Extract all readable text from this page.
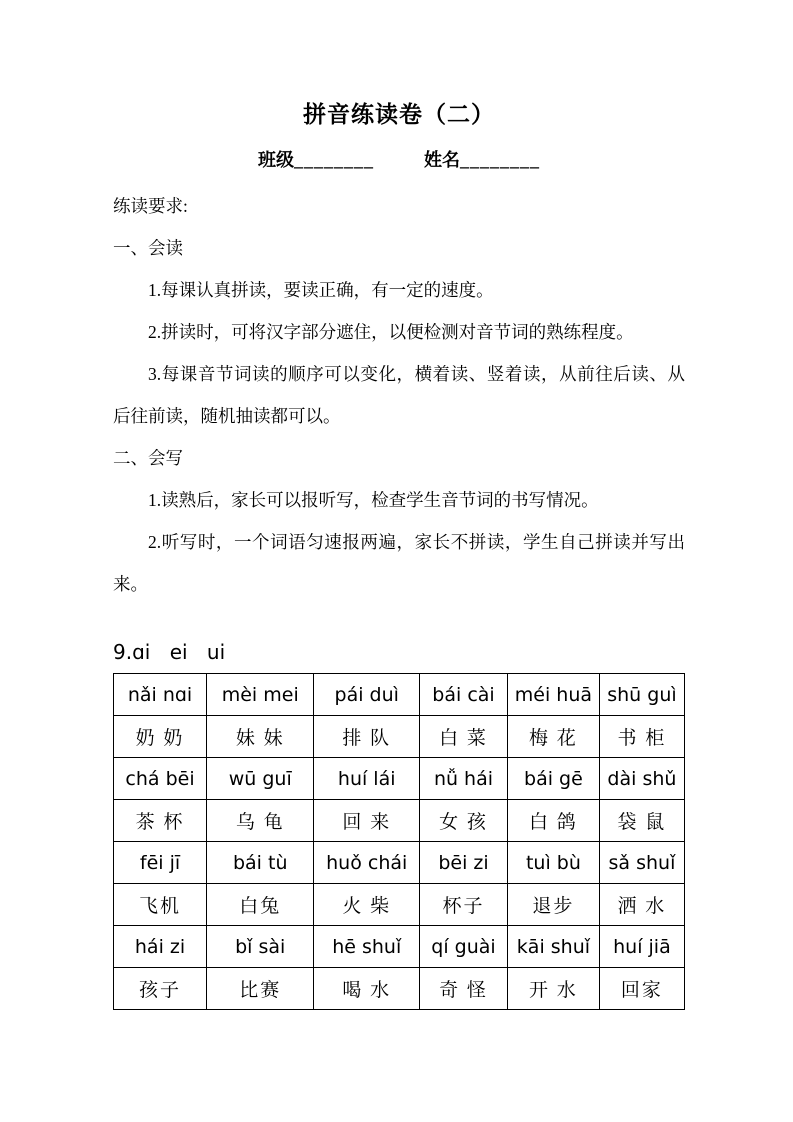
拼音练读卷（二）
班级________	姓名________

练读要求:

一、会读

1.每课认真拼读，要读正确，有一定的速度。

2.拼读时，可将汉字部分遮住，以便检测对音节词的熟练程度。

3.每课音节词读的顺序可以变化，横着读、竖着读，从前往后读、从后往前读，随机抽读都可以。

二、会写

1.读熟后，家长可以报听写，检查学生音节词的书写情况。

2.听写时，一个词语匀速报两遍，家长不拼读，学生自己拼读并写出来。

9.ɑi ei ui
nǎi nɑi	mèi mei	pái duì	bái cài	méi huā	shū guì
奶 奶	妹 妹	排 队	白 菜	梅 花	书 柜
chá bēi	wū guī	huí lái	nǚ hái	bái gē	dài shǔ
茶 杯	乌 龟	回 来	女 孩	白 鸽	袋 鼠
fēi jī	bái tù	huǒ chái	bēi zi	tuì bù	sǎ shuǐ
飞机	白兔	火 柴	杯子	退步	洒 水
hái zi	bǐ sài	hē shuǐ	qí guài	kāi shuǐ	huí jiā
孩子	比赛	喝 水	奇 怪	开 水	回家
